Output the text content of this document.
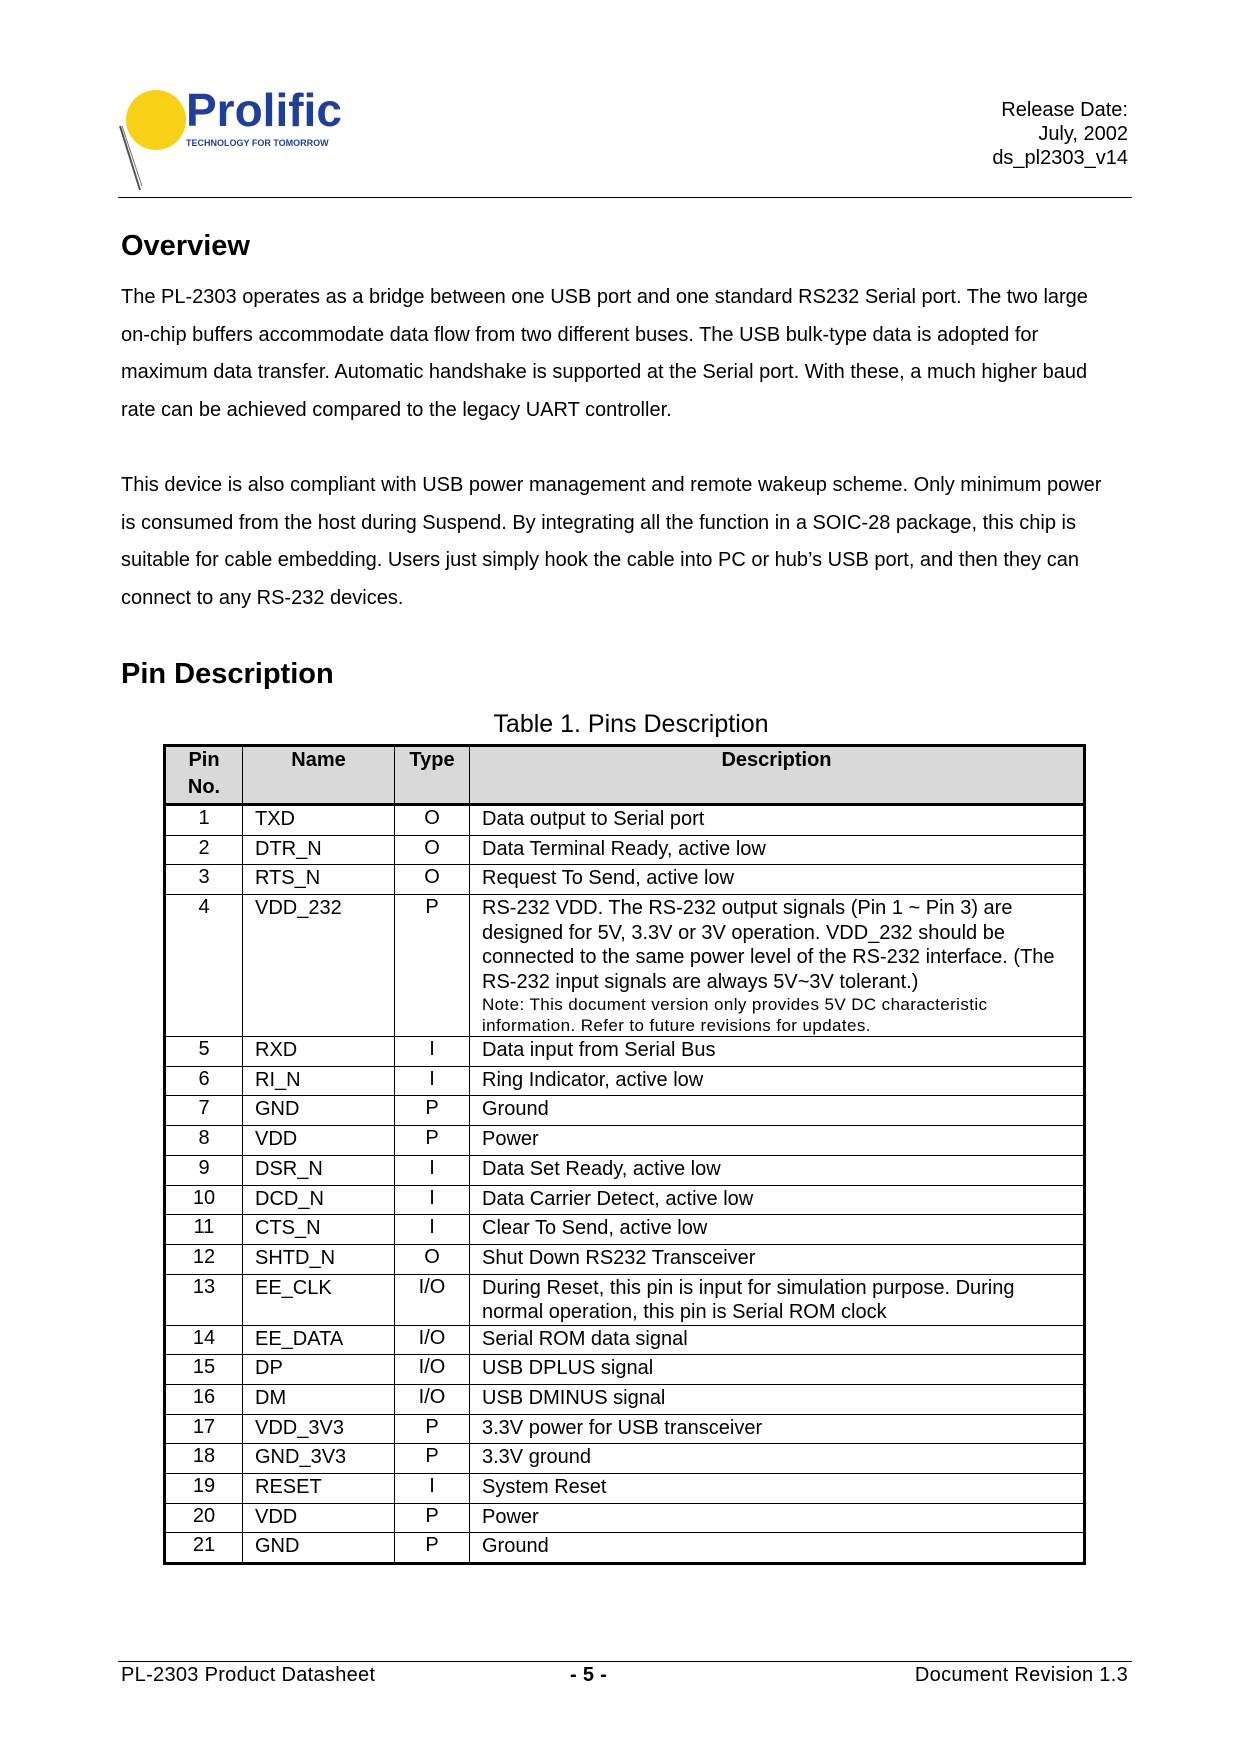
Prolific
TECHNOLOGY FOR TOMORROW
Release Date:
July, 2002
ds_pl2303_v14
Overview

The PL-2303 operates as a bridge between one USB port and one standard RS232 Serial port. The two large on-chip buffers accommodate data flow from two different buses. The USB bulk-type data is adopted for maximum data transfer. Automatic handshake is supported at the Serial port. With these, a much higher baud rate can be achieved compared to the legacy UART controller.

This device is also compliant with USB power management and remote wakeup scheme. Only minimum power is consumed from the host during Suspend. By integrating all the function in a SOIC-28 package, this chip is suitable for cable embedding. Users just simply hook the cable into PC or hub’s USB port, and then they can connect to any RS-232 devices.

Pin Description

Table 1. Pins Description

Pin No.	Name	Type	Description
1	TXD	O	Data output to Serial port

2	DTR_N	O	Data Terminal Ready, active low

3	RTS_N	O	Request To Send, active low

4	VDD_232	P	RS-232 VDD. The RS-232 output signals (Pin 1 ~ Pin 3) are designed for 5V, 3.3V or 3V operation. VDD_232 should be connected to the same power level of the RS-232 interface. (The RS-232 input signals are always 5V~3V tolerant.)
Note: This document version only provides 5V DC characteristic information. Refer to future revisions for updates.

5	RXD	I	Data input from Serial Bus

6	RI_N	I	Ring Indicator, active low

7	GND	P	Ground

8	VDD	P	Power

9	DSR_N	I	Data Set Ready, active low

10	DCD_N	I	Data Carrier Detect, active low

11	CTS_N	I	Clear To Send, active low

12	SHTD_N	O	Shut Down RS232 Transceiver

13	EE_CLK	I/O	During Reset, this pin is input for simulation purpose. During normal operation, this pin is Serial ROM clock

14	EE_DATA	I/O	Serial ROM data signal

15	DP	I/O	USB DPLUS signal

16	DM	I/O	USB DMINUS signal

17	VDD_3V3	P	3.3V power for USB transceiver

18	GND_3V3	P	3.3V ground

19	RESET	I	System Reset

20	VDD	P	Power

21	GND	P	Ground
PL-2303 Product Datasheet	- 5 -	Document Revision 1.3
